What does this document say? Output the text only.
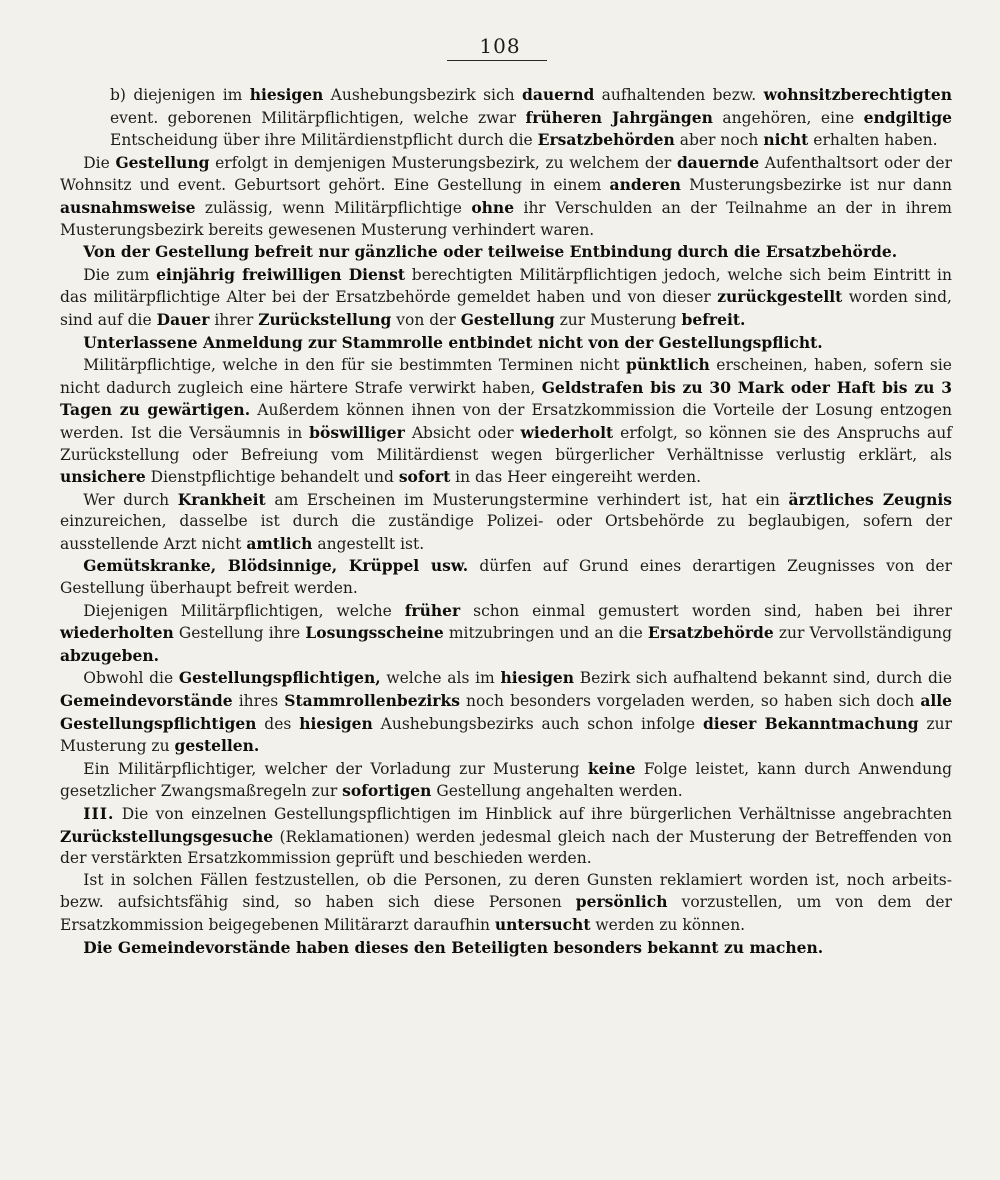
108

b) diejenigen im hiesigen Aushebungsbezirk sich dauernd aufhaltenden bezw. wohnsitzberechtigten event. geborenen Militärpflichtigen, welche zwar früheren Jahrgängen angehören, eine endgiltige Entscheidung über ihre Militärdienstpflicht durch die Ersatzbehörden aber noch nicht erhalten haben.

Die Gestellung erfolgt in demjenigen Musterungsbezirk, zu welchem der dauernde Aufenthaltsort oder der Wohnsitz und event. Geburtsort gehört. Eine Gestellung in einem anderen Musterungsbezirke ist nur dann ausnahmsweise zulässig, wenn Militärpflichtige ohne ihr Verschulden an der Teilnahme an der in ihrem Musterungsbezirk bereits gewesenen Musterung verhindert waren.

Von der Gestellung befreit nur gänzliche oder teilweise Entbindung durch die Ersatzbehörde.

Die zum einjährig freiwilligen Dienst berechtigten Militärpflichtigen jedoch, welche sich beim Eintritt in das militärpflichtige Alter bei der Ersatzbehörde gemeldet haben und von dieser zurückgestellt worden sind, sind auf die Dauer ihrer Zurückstellung von der Gestellung zur Musterung befreit.

Unterlassene Anmeldung zur Stammrolle entbindet nicht von der Gestellungspflicht.

Militärpflichtige, welche in den für sie bestimmten Terminen nicht pünktlich erscheinen, haben, sofern sie nicht dadurch zugleich eine härtere Strafe verwirkt haben, Geldstrafen bis zu 30 Mark oder Haft bis zu 3 Tagen zu gewärtigen. Außerdem können ihnen von der Ersatzkommission die Vorteile der Losung entzogen werden. Ist die Versäumnis in böswilliger Absicht oder wiederholt erfolgt, so können sie des Anspruchs auf Zurückstellung oder Befreiung vom Militärdienst wegen bürgerlicher Verhältnisse verlustig erklärt, als unsichere Dienstpflichtige behandelt und sofort in das Heer eingereiht werden.

Wer durch Krankheit am Erscheinen im Musterungstermine verhindert ist, hat ein ärztliches Zeugnis einzureichen, dasselbe ist durch die zuständige Polizei- oder Ortsbehörde zu beglaubigen, sofern der ausstellende Arzt nicht amtlich angestellt ist.

Gemütskranke, Blödsinnige, Krüppel usw. dürfen auf Grund eines derartigen Zeugnisses von der Gestellung überhaupt befreit werden.

Diejenigen Militärpflichtigen, welche früher schon einmal gemustert worden sind, haben bei ihrer wiederholten Gestellung ihre Losungsscheine mitzubringen und an die Ersatzbehörde zur Vervollständigung abzugeben.

Obwohl die Gestellungspflichtigen, welche als im hiesigen Bezirk sich aufhaltend bekannt sind, durch die Gemeindevorstände ihres Stammrollenbezirks noch besonders vorgeladen werden, so haben sich doch alle Gestellungspflichtigen des hiesigen Aushebungsbezirks auch schon infolge dieser Bekanntmachung zur Musterung zu gestellen.

Ein Militärpflichtiger, welcher der Vorladung zur Musterung keine Folge leistet, kann durch Anwendung gesetzlicher Zwangsmaßregeln zur sofortigen Gestellung angehalten werden.

III. Die von einzelnen Gestellungspflichtigen im Hinblick auf ihre bürgerlichen Verhältnisse angebrachten Zurückstellungsgesuche (Reklamationen) werden jedesmal gleich nach der Musterung der Betreffenden von der verstärkten Ersatzkommission geprüft und beschieden werden.

Ist in solchen Fällen festzustellen, ob die Personen, zu deren Gunsten reklamiert worden ist, noch arbeits- bezw. aufsichtsfähig sind, so haben sich diese Personen persönlich vorzustellen, um von dem der Ersatzkommission beigegebenen Militärarzt daraufhin untersucht werden zu können.

Die Gemeindevorstände haben dieses den Beteiligten besonders bekannt zu machen.
